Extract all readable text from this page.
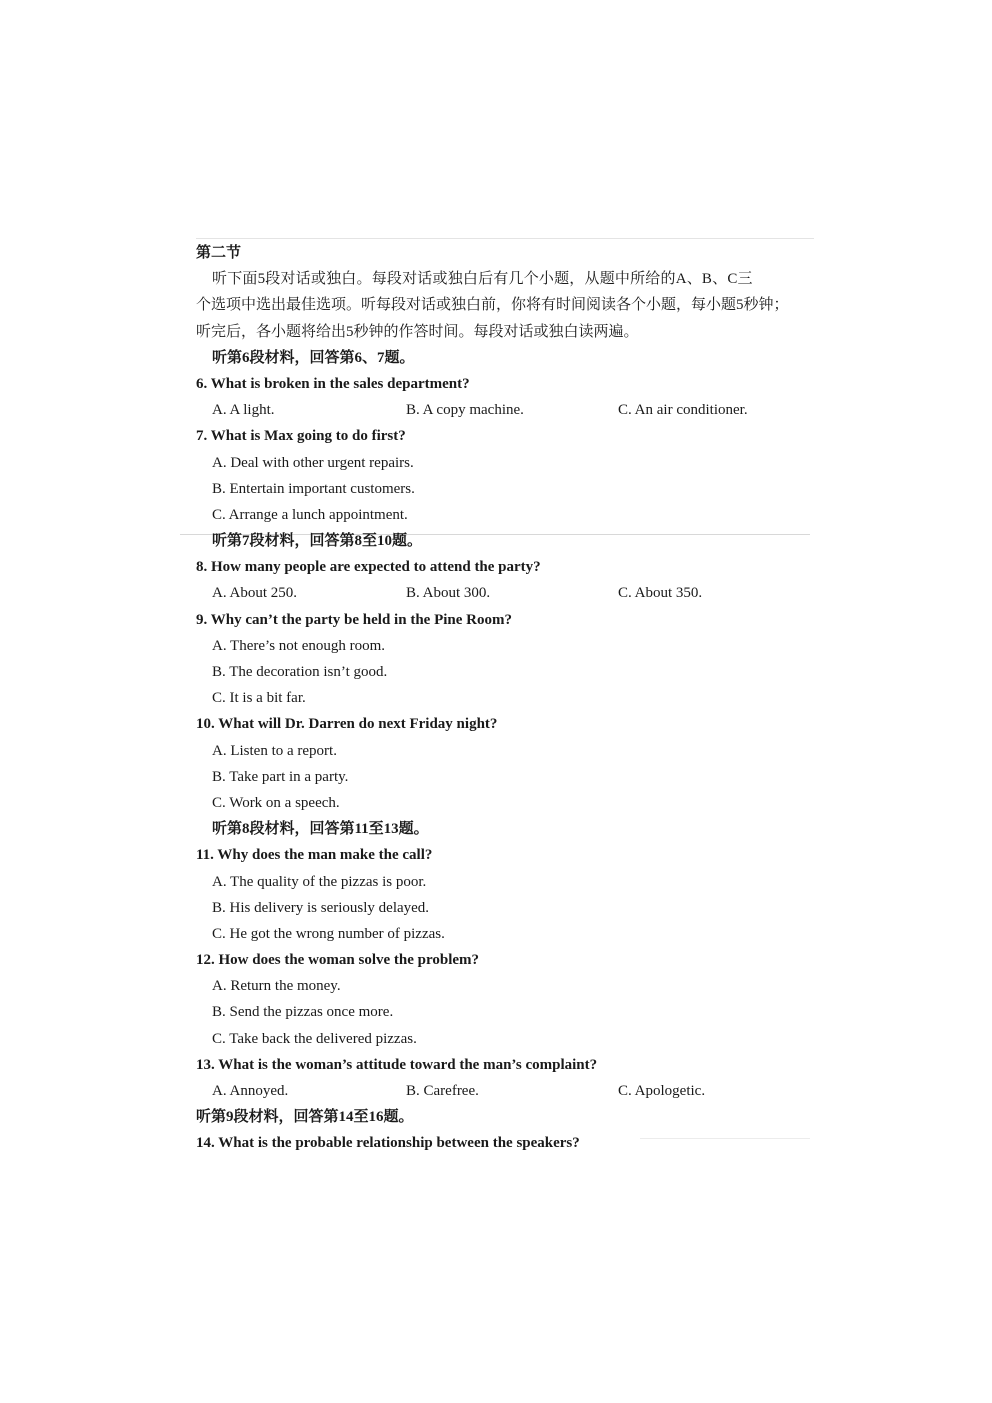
第二节
听下面5段对话或独白。每段对话或独白后有几个小题，从题中所给的A、B、C三
个选项中选出最佳选项。听每段对话或独白前，你将有时间阅读各个小题，每小题5秒钟；
听完后，各小题将给出5秒钟的作答时间。每段对话或独白读两遍。
听第6段材料，回答第6、7题。
6. What is broken in the sales department?
A. A light.	B. A copy machine.	C. An air conditioner.
7. What is Max going to do first?
A. Deal with other urgent repairs.
B. Entertain important customers.
C. Arrange a lunch appointment.
听第7段材料，回答第8至10题。
8. How many people are expected to attend the party?
A. About 250.	B. About 300.	C. About 350.
9. Why can’t the party be held in the Pine Room?
A. There’s not enough room.
B. The decoration isn’t good.
C. It is a bit far.
10. What will Dr. Darren do next Friday night?
A. Listen to a report.
B. Take part in a party.
C. Work on a speech.
听第8段材料，回答第11至13题。
11. Why does the man make the call?
A. The quality of the pizzas is poor.
B. His delivery is seriously delayed.
C. He got the wrong number of pizzas.
12. How does the woman solve the problem?
A. Return the money.
B. Send the pizzas once more.
C. Take back the delivered pizzas.
13. What is the woman’s attitude toward the man’s complaint?
A. Annoyed.	B. Carefree.	C. Apologetic.
听第9段材料，回答第14至16题。
14. What is the probable relationship between the speakers?
